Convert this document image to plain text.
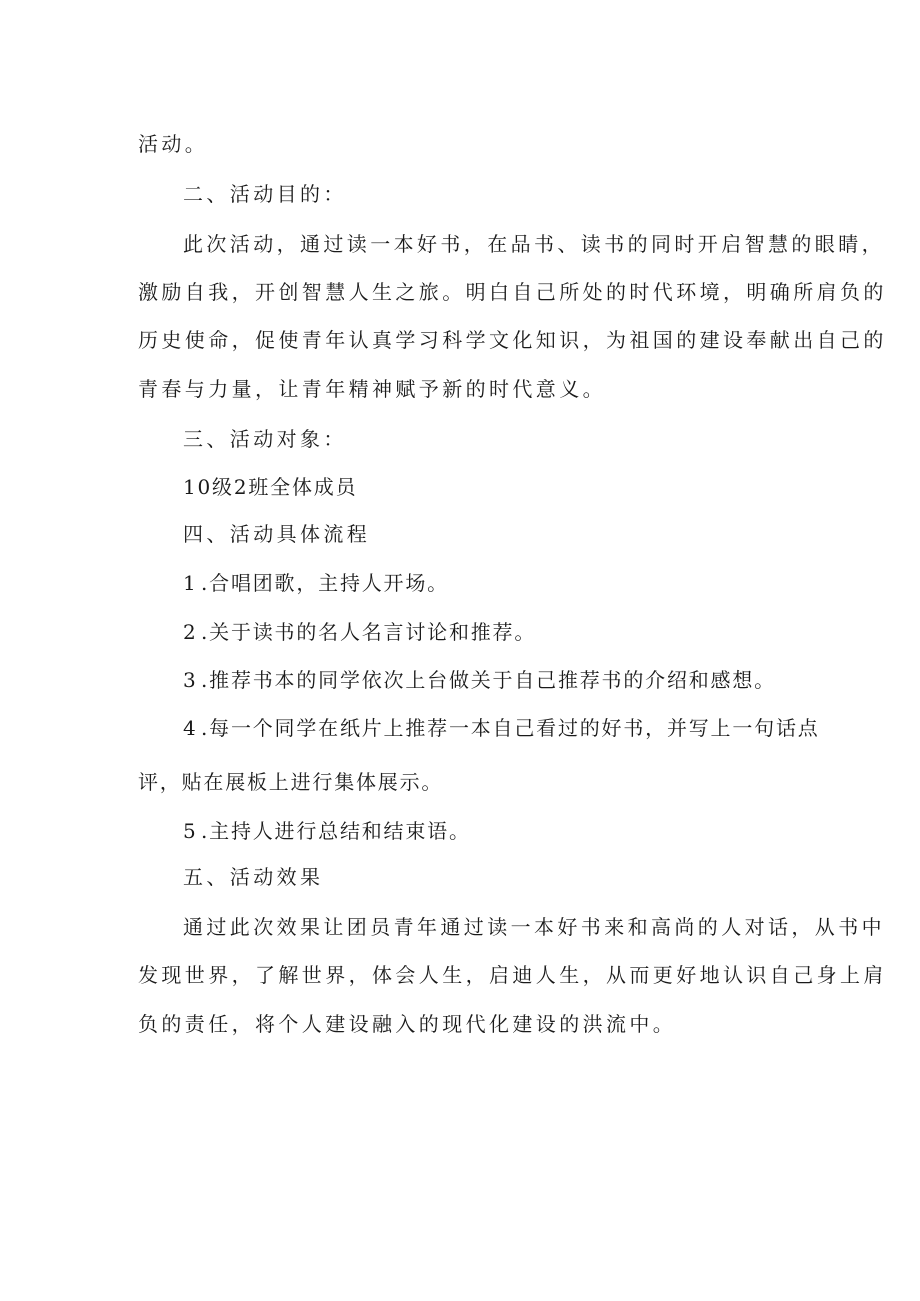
活动。
二、活动目的：
此次活动，通过读一本好书，在品书、读书的同时开启智慧的眼睛，
激励自我，开创智慧人生之旅。明白自己所处的时代环境，明确所肩负的
历史使命，促使青年认真学习科学文化知识，为祖国的建设奉献出自己的
青春与力量，让青年精神赋予新的时代意义。
三、活动对象：
10级2班全体成员
四、活动具体流程
1 .合唱团歌，主持人开场。
2 .关于读书的名人名言讨论和推荐。
3 .推荐书本的同学依次上台做关于自己推荐书的介绍和感想。
4 .每一个同学在纸片上推荐一本自己看过的好书，并写上一句话点
评，贴在展板上进行集体展示。
5 .主持人进行总结和结束语。
五、活动效果
通过此次效果让团员青年通过读一本好书来和高尚的人对话，从书中
发现世界，了解世界，体会人生，启迪人生，从而更好地认识自己身上肩
负的责任，将个人建设融入的现代化建设的洪流中。
